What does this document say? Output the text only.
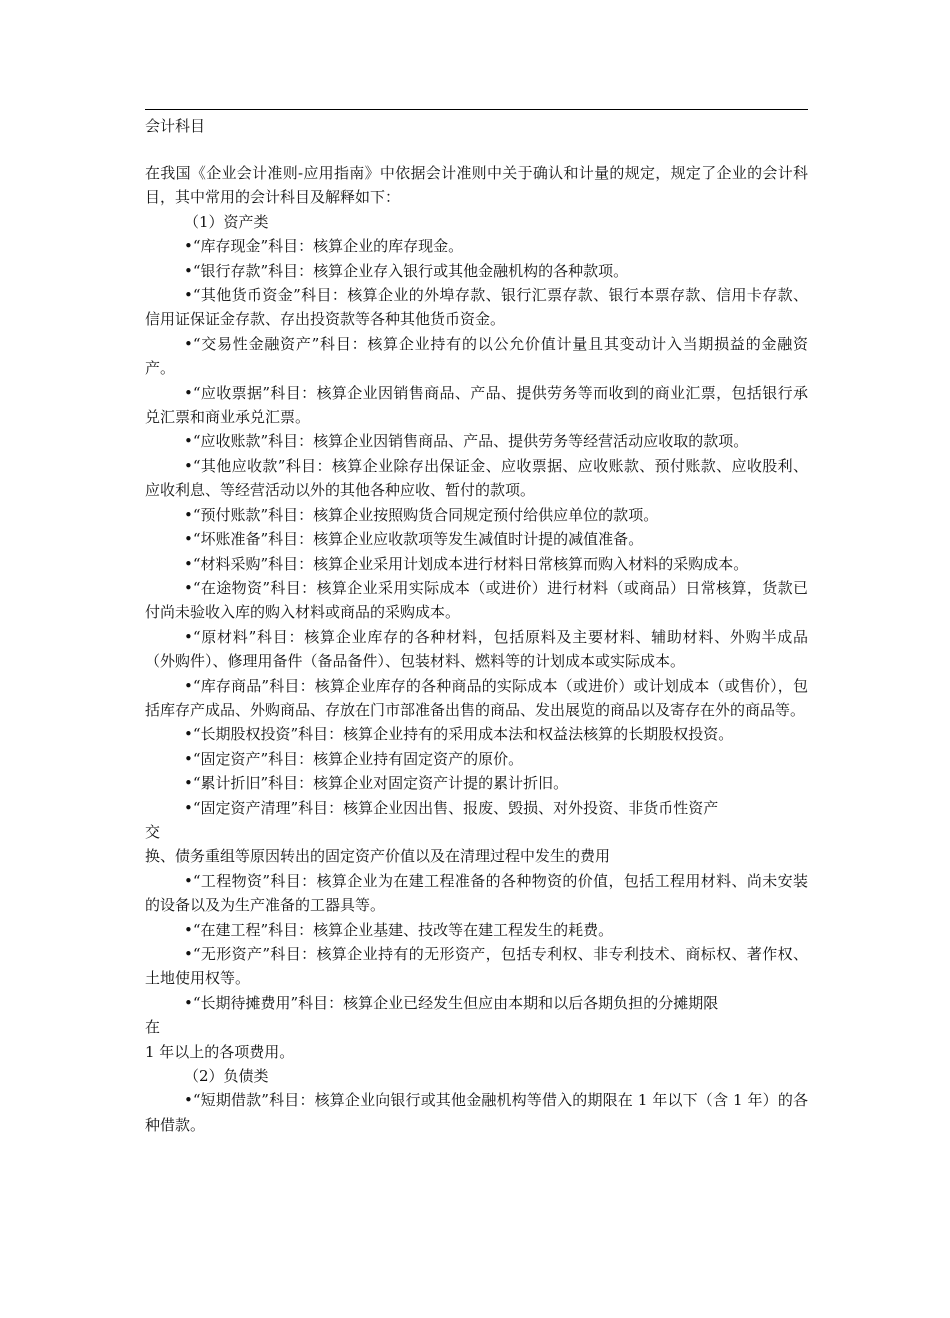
会计科目

在我国《企业会计准则-应用指南》中依据会计准则中关于确认和计量的规定，规定了企业的会计科目，其中常用的会计科目及解释如下：

（1）资产类

•“库存现金”科目：核算企业的库存现金。

•“银行存款”科目：核算企业存入银行或其他金融机构的各种款项。

•“其他货币资金”科目：核算企业的外埠存款、银行汇票存款、银行本票存款、信用卡存款、信用证保证金存款、存出投资款等各种其他货币资金。

•“交易性金融资产”科目：核算企业持有的以公允价值计量且其变动计入当期损益的金融资产。

•“应收票据”科目：核算企业因销售商品、产品、提供劳务等而收到的商业汇票，包括银行承兑汇票和商业承兑汇票。

•“应收账款”科目：核算企业因销售商品、产品、提供劳务等经营活动应收取的款项。

•“其他应收款”科目：核算企业除存出保证金、应收票据、应收账款、预付账款、应收股利、应收利息、等经营活动以外的其他各种应收、暂付的款项。

•“预付账款”科目：核算企业按照购货合同规定预付给供应单位的款项。

•“坏账准备”科目：核算企业应收款项等发生减值时计提的减值准备。

•“材料采购”科目：核算企业采用计划成本进行材料日常核算而购入材料的采购成本。

•“在途物资”科目：核算企业采用实际成本（或进价）进行材料（或商品）日常核算，货款已付尚未验收入库的购入材料或商品的采购成本。

•“原材料”科目：核算企业库存的各种材料，包括原料及主要材料、辅助材料、外购半成品（外购件）、修理用备件（备品备件）、包装材料、燃料等的计划成本或实际成本。

•“库存商品”科目：核算企业库存的各种商品的实际成本（或进价）或计划成本（或售价），包括库存产成品、外购商品、存放在门市部准备出售的商品、发出展览的商品以及寄存在外的商品等。

•“长期股权投资”科目：核算企业持有的采用成本法和权益法核算的长期股权投资。

•“固定资产”科目：核算企业持有固定资产的原价。

•“累计折旧”科目：核算企业对固定资产计提的累计折旧。

•“固定资产清理”科目：核算企业因出售、报废、毁损、对外投资、非货币性资产

交

换、债务重组等原因转出的固定资产价值以及在清理过程中发生的费用

•“工程物资”科目：核算企业为在建工程准备的各种物资的价值，包括工程用材料、尚未安装的设备以及为生产准备的工器具等。

•“在建工程”科目：核算企业基建、技改等在建工程发生的耗费。

•“无形资产”科目：核算企业持有的无形资产，包括专利权、非专利技术、商标权、著作权、土地使用权等。

•“长期待摊费用”科目：核算企业已经发生但应由本期和以后各期负担的分摊期限

在

1 年以上的各项费用。

（2）负债类

•“短期借款”科目：核算企业向银行或其他金融机构等借入的期限在 1 年以下（含 1 年）的各种借款。
